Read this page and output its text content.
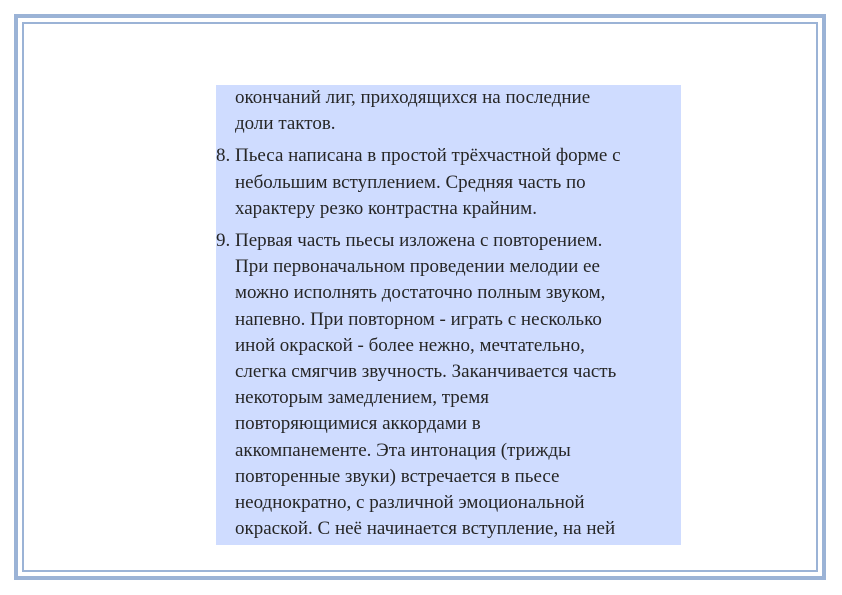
окончаний лиг, приходящихся на последние
доли тактов.
8. Пьеса написана в простой трёхчастной форме с
небольшим вступлением. Средняя часть по
характеру резко контрастна крайним.
9. Первая часть пьесы изложена с повторением.
При первоначальном проведении мелодии ее
можно исполнять достаточно полным звуком,
напевно. При повторном - играть с несколько
иной окраской - более нежно, мечтательно,
слегка смягчив звучность. Заканчивается часть
некоторым замедлением, тремя
повторяющимися аккордами в
аккомпанементе. Эта интонация (трижды
повторенные звуки) встречается в пьесе
неоднократно, с различной эмоциональной
окраской. С неё начинается вступление, на ней
